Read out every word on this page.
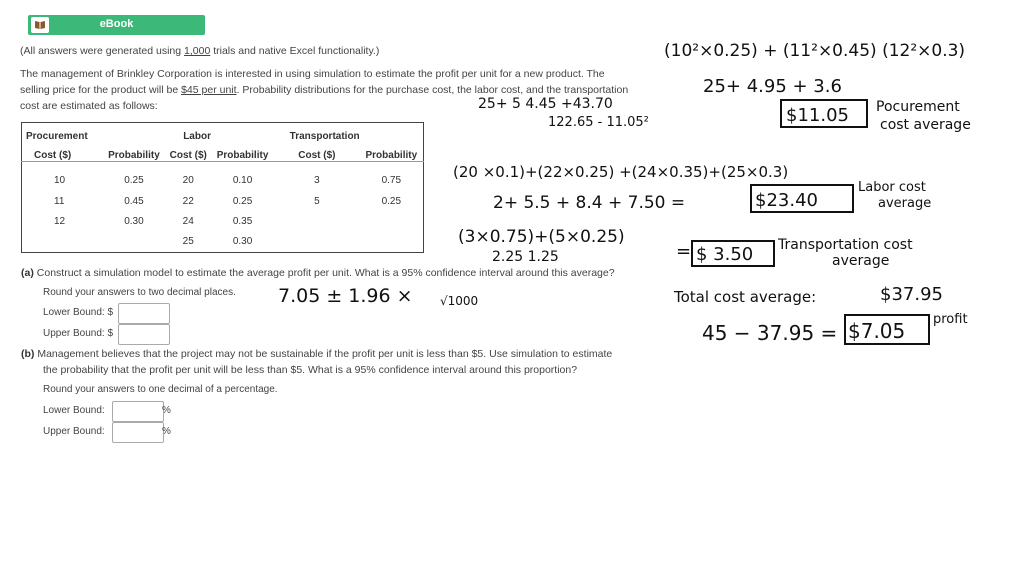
eBook
(All answers were generated using 1,000 trials and native Excel functionality.)
The management of Brinkley Corporation is interested in using simulation to estimate the profit per unit for a new product. The
selling price for the product will be $45 per unit. Probability distributions for the purchase cost, the labor cost, and the transportation
cost are estimated as follows:
Procurement		Labor		Transportation	
Cost ($)	Probability	Cost ($)	Probability	Cost ($)	Probability

10	0.25	20	0.10	3	0.75
11	0.45	22	0.25	5	0.25
12	0.30	24	0.35		
		25	0.30		
(a) Construct a simulation model to estimate the average profit per unit. What is a 95% confidence interval around this average?
Round your answers to two decimal places.
Lower Bound: $
Upper Bound: $
(b) Management believes that the project may not be sustainable if the profit per unit is less than $5. Use simulation to estimate
the probability that the profit per unit will be less than $5. What is a 95% confidence interval around this proportion?
Round your answers to one decimal of a percentage.
Lower Bound:	%
Upper Bound:	%
(10²×0.25) + (11²×0.45) (12²×0.3)
25+ 4.95 + 3.6
25+ 5 4.45 +43.70
122.65 - 11.05²	$11.05 Pocurement
cost average
(20 ×0.1)+(22×0.25) +(24×0.35)+(25×0.3)
2+ 5.5 + 8.4 + 7.50 =	$23.40
Labor cost
average
(3×0.75)+(5×0.25)
2.25 1.25	= $ 3.50 Transportation cost
average
7.05 ± 1.96 × √1000	Total cost average:	$37.95
45 − 37.95 = $7.05 profit
